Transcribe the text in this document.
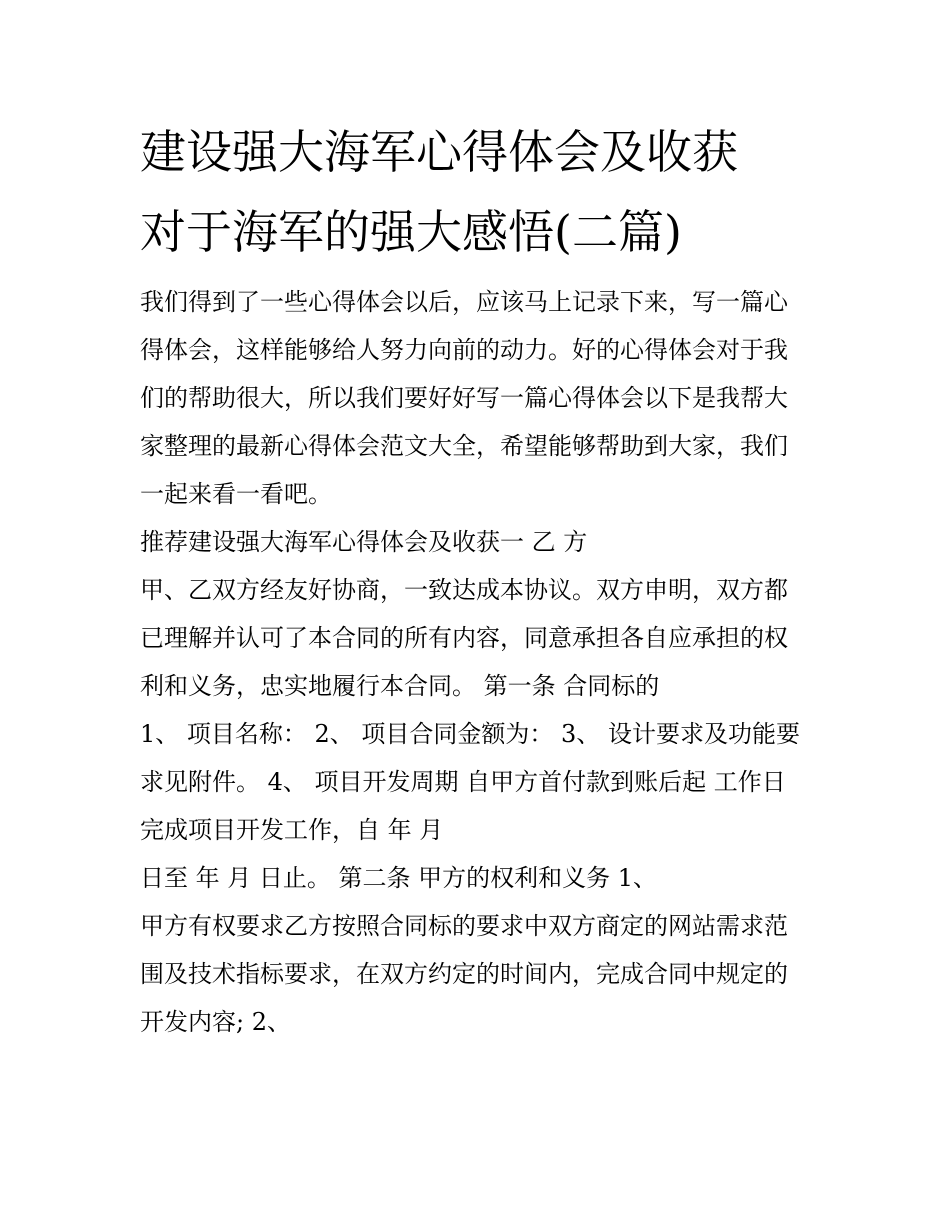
建设强大海军心得体会及收获
对于海军的强大感悟(二篇)
我们得到了一些心得体会以后，应该马上记录下来，写一篇心
得体会，这样能够给人努力向前的动力。好的心得体会对于我
们的帮助很大，所以我们要好好写一篇心得体会以下是我帮大
家整理的最新心得体会范文大全，希望能够帮助到大家，我们
一起来看一看吧。
推荐建设强大海军心得体会及收获一 乙 方
甲、乙双方经友好协商，一致达成本协议。双方申明，双方都
已理解并认可了本合同的所有内容，同意承担各自应承担的权
利和义务，忠实地履行本合同。 第一条 合同标的
1、 项目名称： 2、 项目合同金额为： 3、 设计要求及功能要
求见附件。 4、 项目开发周期 自甲方首付款到账后起 工作日
完成项目开发工作，自 年 月
日至 年 月 日止。 第二条 甲方的权利和义务 1、
甲方有权要求乙方按照合同标的要求中双方商定的网站需求范
围及技术指标要求，在双方约定的时间内，完成合同中规定的
开发内容; 2、
